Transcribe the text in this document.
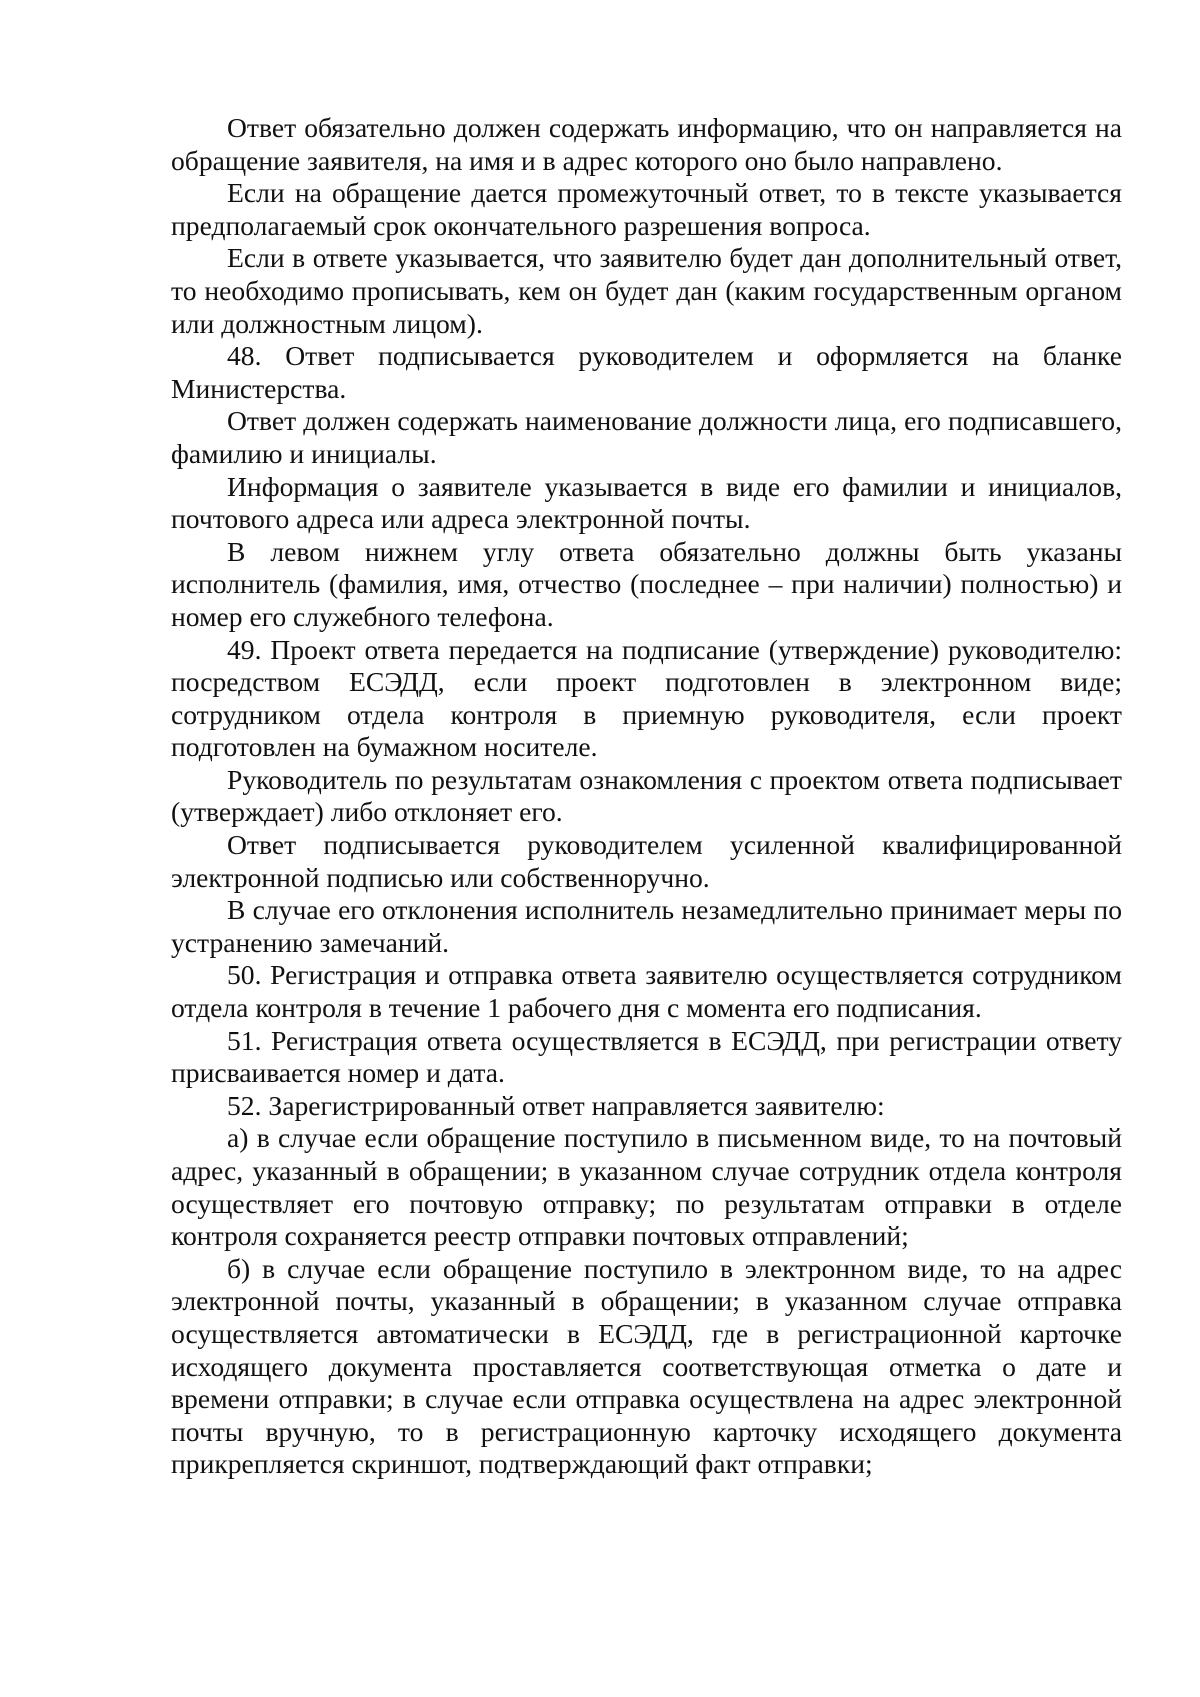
Ответ обязательно должен содержать информацию, что он направляется на обращение заявителя, на имя и в адрес которого оно было направлено.

Если на обращение дается промежуточный ответ, то в тексте указывается предполагаемый срок окончательного разрешения вопроса.

Если в ответе указывается, что заявителю будет дан дополнительный ответ, то необходимо прописывать, кем он будет дан (каким государственным органом или должностным лицом).

48. Ответ подписывается руководителем и оформляется на бланке Министерства.

Ответ должен содержать наименование должности лица, его подписавшего, фамилию и инициалы.

Информация о заявителе указывается в виде его фамилии и инициалов, почтового адреса или адреса электронной почты.

В левом нижнем углу ответа обязательно должны быть указаны исполнитель (фамилия, имя, отчество (последнее – при наличии) полностью) и номер его служебного телефона.

49. Проект ответа передается на подписание (утверждение) руководителю: посредством ЕСЭДД, если проект подготовлен в электронном виде; сотрудником отдела контроля в приемную руководителя, если проект подготовлен на бумажном носителе.

Руководитель по результатам ознакомления с проектом ответа подписывает (утверждает) либо отклоняет его.

Ответ подписывается руководителем усиленной квалифицированной электронной подписью или собственноручно.

В случае его отклонения исполнитель незамедлительно принимает меры по устранению замечаний.

50. Регистрация и отправка ответа заявителю осуществляется сотрудником отдела контроля в течение 1 рабочего дня с момента его подписания.

51. Регистрация ответа осуществляется в ЕСЭДД, при регистрации ответу присваивается номер и дата.

52. Зарегистрированный ответ направляется заявителю:

а) в случае если обращение поступило в письменном виде, то на почтовый адрес, указанный в обращении; в указанном случае сотрудник отдела контроля осуществляет его почтовую отправку; по результатам отправки в отделе контроля сохраняется реестр отправки почтовых отправлений;

б) в случае если обращение поступило в электронном виде, то на адрес электронной почты, указанный в обращении; в указанном случае отправка осуществляется автоматически в ЕСЭДД, где в регистрационной карточке исходящего документа проставляется соответствующая отметка о дате и времени отправки; в случае если отправка осуществлена на адрес электронной почты вручную, то в регистрационную карточку исходящего документа прикрепляется скриншот, подтверждающий факт отправки;
